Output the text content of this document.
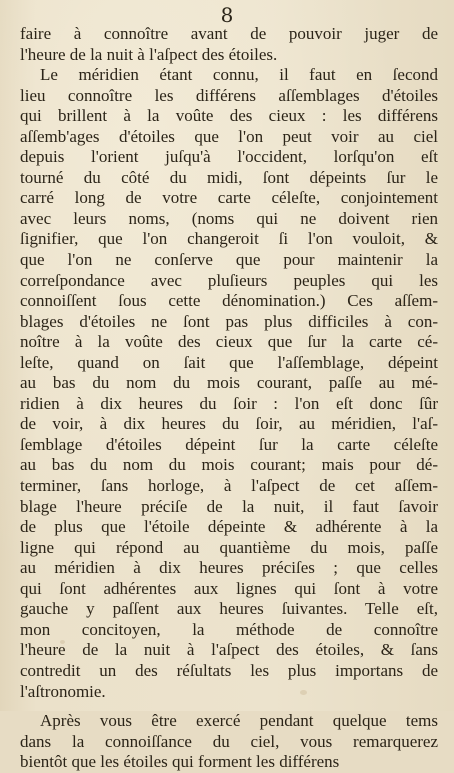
8
faire à connoître avant de pouvoir juger de
l'heure de la nuit à l'aſpect des étoiles.
Le méridien étant connu, il faut en ſecond
lieu connoître les différens aſſemblages d'étoiles
qui brillent à la voûte des cieux : les différens
aſſemb'ages d'étoiles que l'on peut voir au ciel
depuis l'orient juſqu'à l'occident, lorſqu'on eſt
tourné du côté du midi, ſont dépeints ſur le
carré long de votre carte céleſte, conjointement
avec leurs noms, (noms qui ne doivent rien
ſignifier, que l'on changeroit ſi l'on vouloit, &
que l'on ne conſerve que pour maintenir la
correſpondance avec pluſieurs peuples qui les
connoiſſent ſous cette dénomination.) Ces aſſem-
blages d'étoiles ne ſont pas plus difficiles à con-
noître à la voûte des cieux que ſur la carte cé-
leſte, quand on ſait que l'aſſemblage, dépeint
au bas du nom du mois courant, paſſe au mé-
ridien à dix heures du ſoir : l'on eſt donc ſûr
de voir, à dix heures du ſoir, au méridien, l'aſ-
ſemblage d'étoiles dépeint ſur la carte céleſte
au bas du nom du mois courant; mais pour dé-
terminer, ſans horloge, à l'aſpect de cet aſſem-
blage l'heure préciſe de la nuit, il faut ſavoir
de plus que l'étoile dépeinte & adhérente à la
ligne qui répond au quantième du mois, paſſe
au méridien à dix heures préciſes ; que celles
qui ſont adhérentes aux lignes qui ſont à votre
gauche y paſſent aux heures ſuivantes. Telle eſt,
mon concitoyen, la méthode de connoître
l'heure de la nuit à l'aſpect des étoiles, & ſans
contredit un des réſultats les plus importans de
l'aſtronomie.
Après vous être exercé pendant quelque tems
dans la connoiſſance du ciel, vous remarquerez
bientôt que les étoiles qui forment les différens
